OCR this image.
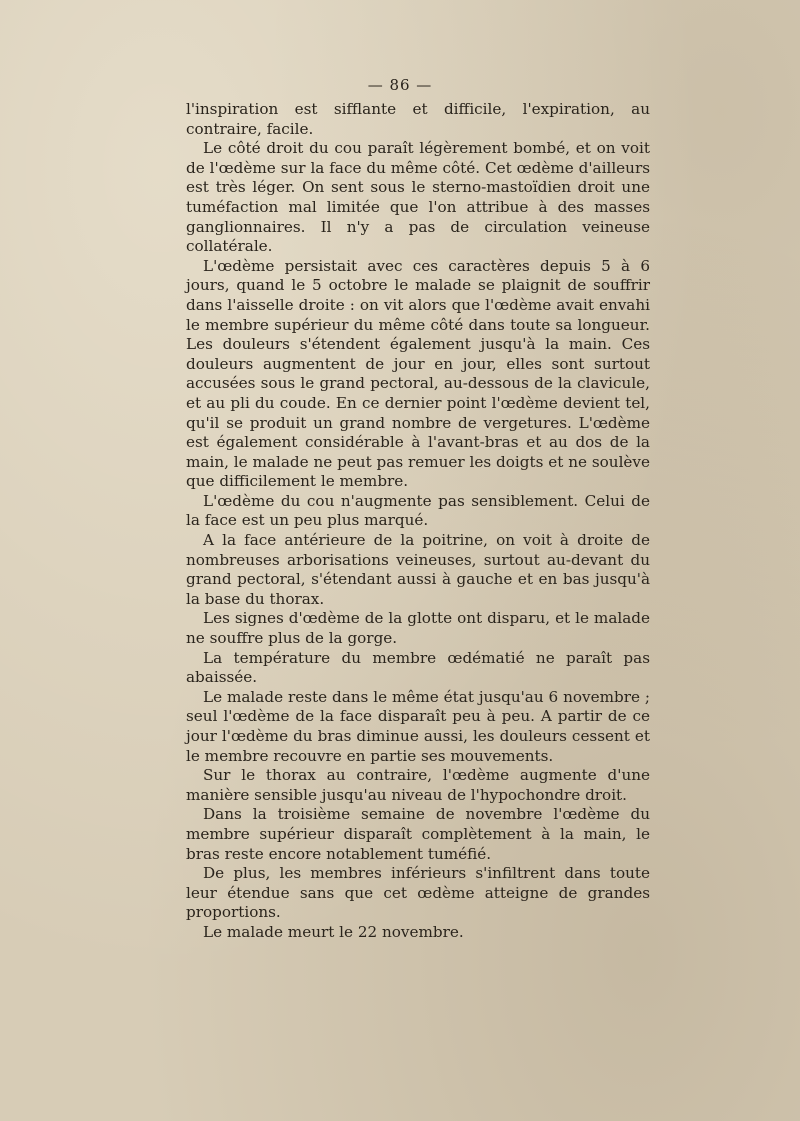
— 86 —

l'inspiration est sifflante et difficile, l'expiration, au contraire, facile.

Le côté droit du cou paraît légèrement bombé, et on voit de l'œdème sur la face du même côté. Cet œdème d'ailleurs est très léger. On sent sous le sterno-mastoïdien droit une tuméfaction mal limitée que l'on attribue à des masses ganglionnaires. Il n'y a pas de circulation veineuse collatérale.

L'œdème persistait avec ces caractères depuis 5 à 6 jours, quand le 5 octobre le malade se plaignit de souffrir dans l'aisselle droite : on vit alors que l'œdème avait envahi le membre supérieur du même côté dans toute sa longueur. Les douleurs s'étendent également jusqu'à la main. Ces douleurs augmentent de jour en jour, elles sont surtout accusées sous le grand pectoral, au-dessous de la clavicule, et au pli du coude. En ce dernier point l'œdème devient tel, qu'il se produit un grand nombre de vergetures. L'œdème est également considérable à l'avant-bras et au dos de la main, le malade ne peut pas remuer les doigts et ne soulève que difficilement le membre.

L'œdème du cou n'augmente pas sensiblement. Celui de la face est un peu plus marqué.

A la face antérieure de la poitrine, on voit à droite de nombreuses arborisations veineuses, surtout au-devant du grand pectoral, s'étendant aussi à gauche et en bas jusqu'à la base du thorax.

Les signes d'œdème de la glotte ont disparu, et le malade ne souffre plus de la gorge.

La température du membre œdématié ne paraît pas abaissée.

Le malade reste dans le même état jusqu'au 6 novembre ; seul l'œdème de la face disparaît peu à peu. A partir de ce jour l'œdème du bras diminue aussi, les douleurs cessent et le membre recouvre en partie ses mouvements.

Sur le thorax au contraire, l'œdème augmente d'une manière sensible jusqu'au niveau de l'hypochondre droit.

Dans la troisième semaine de novembre l'œdème du membre supérieur disparaît complètement à la main, le bras reste encore notablement tuméfié.

De plus, les membres inférieurs s'infiltrent dans toute leur étendue sans que cet œdème atteigne de grandes proportions.

Le malade meurt le 22 novembre.
